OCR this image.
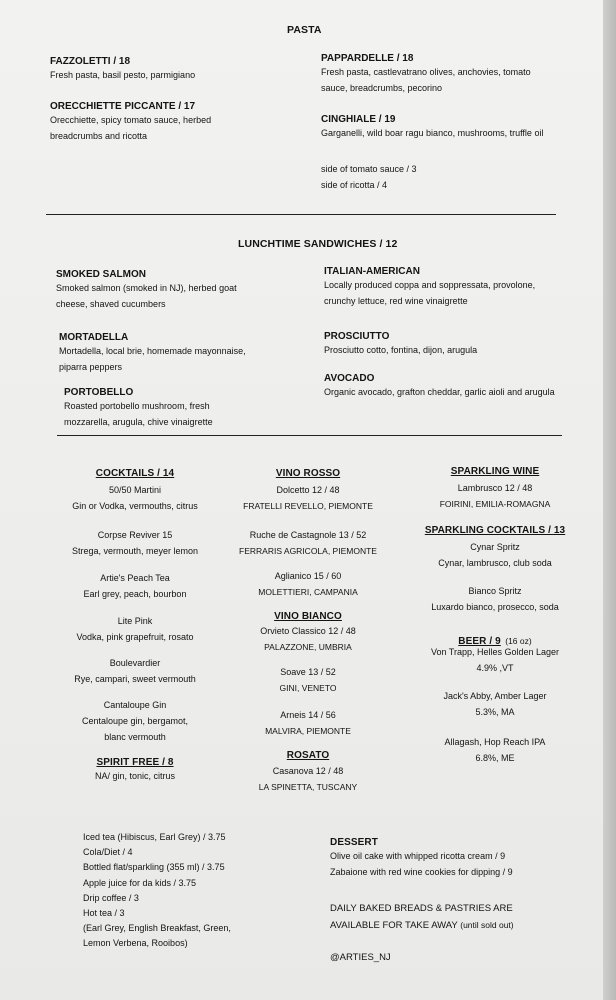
PASTA
FAZZOLETTI / 18
Fresh pasta, basil pesto, parmigiano
ORECCHIETTE PICCANTE / 17
Orecchiette, spicy tomato sauce, herbed breadcrumbs and ricotta
PAPPARDELLE / 18
Fresh pasta, castlevatrano olives, anchovies, tomato sauce, breadcrumbs, pecorino
CINGHIALE / 19
Garganelli, wild boar ragu bianco, mushrooms, truffle oil
side of tomato sauce / 3
side of ricotta / 4
LUNCHTIME SANDWICHES / 12
SMOKED SALMON
Smoked salmon (smoked in NJ), herbed goat cheese, shaved cucumbers
MORTADELLA
Mortadella, local brie, homemade mayonnaise, piparra peppers
PORTOBELLO
Roasted portobello mushroom, fresh mozzarella, arugula, chive vinaigrette
ITALIAN-AMERICAN
Locally produced coppa and soppressata, provolone, crunchy lettuce, red wine vinaigrette
PROSCIUTTO
Prosciutto cotto, fontina, dijon, arugula
AVOCADO
Organic avocado, grafton cheddar, garlic aioli and arugula
COCKTAILS / 14
50/50 Martini
Gin or Vodka, vermouths, citrus
Corpse Reviver 15
Strega, vermouth, meyer lemon
Artie's Peach Tea
Earl grey, peach, bourbon
Lite Pink
Vodka, pink grapefruit, rosato
Boulevardier
Rye, campari, sweet vermouth
Cantaloupe Gin
Centaloupe gin, bergamot, blanc vermouth
SPIRIT FREE / 8
NA/ gin, tonic, citrus
VINO ROSSO
Dolcetto 12 / 48
FRATELLI REVELLO, PIEMONTE
Ruche de Castagnole 13 / 52
FERRARIS AGRICOLA, PIEMONTE
Aglianico 15 / 60
MOLETTIERI, CAMPANIA
VINO BIANCO
Orvieto Classico 12 / 48
PALAZZONE, UMBRIA
Soave 13 / 52
GINI, VENETO
Arneis 14 / 56
MALVIRA, PIEMONTE
ROSATO
Casanova 12 / 48
LA SPINETTA, TUSCANY
SPARKLING WINE
Lambrusco 12 / 48
FOIRINI, EMILIA-ROMAGNA
SPARKLING COCKTAILS / 13
Cynar Spritz
Cynar, lambrusco, club soda
Bianco Spritz
Luxardo bianco, prosecco, soda
BEER / 9 (16 oz)
Von Trapp, Helles Golden Lager
4.9% ,VT
Jack's Abby, Amber Lager
5.3%, MA
Allagash, Hop Reach IPA
6.8%, ME
Iced tea (Hibiscus, Earl Grey) / 3.75
Cola/Diet / 4
Bottled flat/sparkling (355 ml) / 3.75
Apple juice for da kids / 3.75
Drip coffee / 3
Hot tea / 3
(Earl Grey, English Breakfast, Green,
Lemon Verbena, Rooibos)
DESSERT
Olive oil cake with whipped ricotta cream / 9
Zabaione with red wine cookies for dipping / 9
DAILY BAKED BREADS & PASTRIES ARE
AVAILABLE FOR TAKE AWAY (until sold out)
@ARTIES_NJ
